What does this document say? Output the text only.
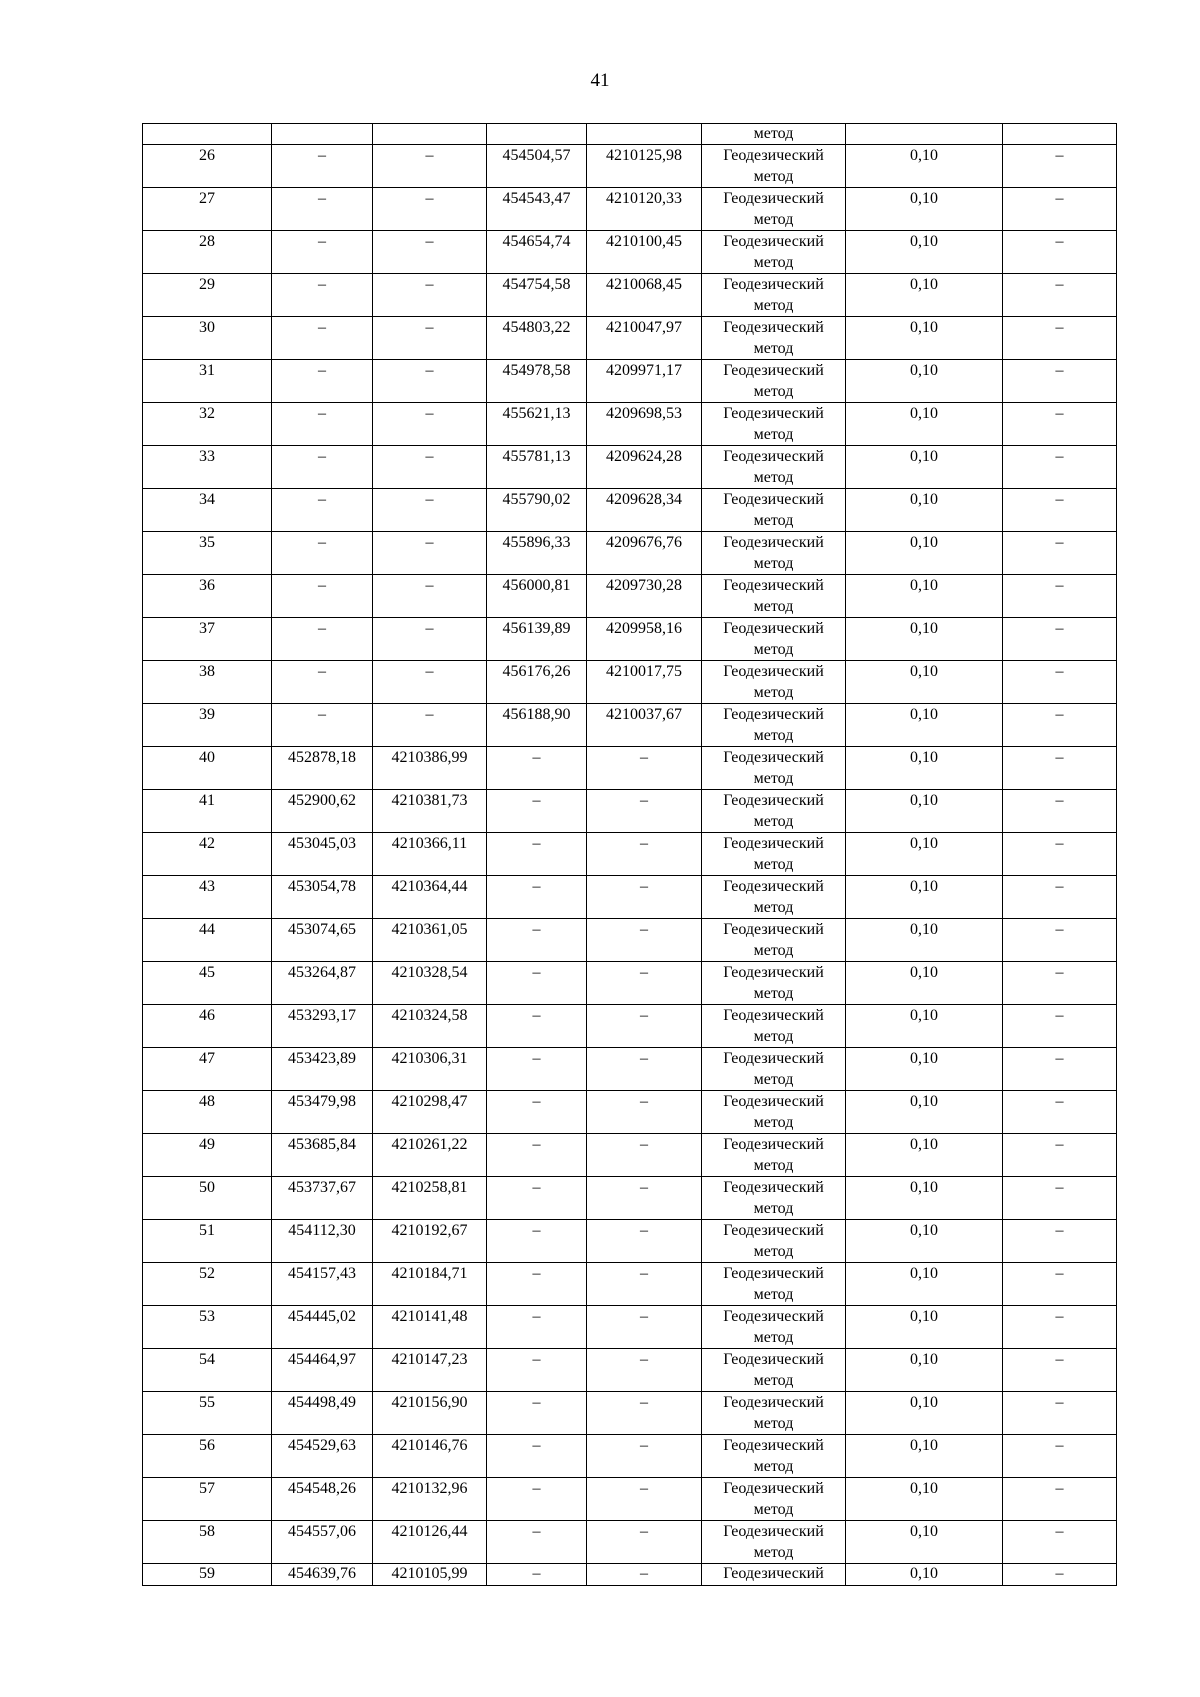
41
					метод		
26	–	–	454504,57	4210125,98	Геодезический
метод	0,10	–
27	–	–	454543,47	4210120,33	Геодезический
метод	0,10	–
28	–	–	454654,74	4210100,45	Геодезический
метод	0,10	–
29	–	–	454754,58	4210068,45	Геодезический
метод	0,10	–
30	–	–	454803,22	4210047,97	Геодезический
метод	0,10	–
31	–	–	454978,58	4209971,17	Геодезический
метод	0,10	–
32	–	–	455621,13	4209698,53	Геодезический
метод	0,10	–
33	–	–	455781,13	4209624,28	Геодезический
метод	0,10	–
34	–	–	455790,02	4209628,34	Геодезический
метод	0,10	–
35	–	–	455896,33	4209676,76	Геодезический
метод	0,10	–
36	–	–	456000,81	4209730,28	Геодезический
метод	0,10	–
37	–	–	456139,89	4209958,16	Геодезический
метод	0,10	–
38	–	–	456176,26	4210017,75	Геодезический
метод	0,10	–
39	–	–	456188,90	4210037,67	Геодезический
метод	0,10	–
40	452878,18	4210386,99	–	–	Геодезический
метод	0,10	–
41	452900,62	4210381,73	–	–	Геодезический
метод	0,10	–
42	453045,03	4210366,11	–	–	Геодезический
метод	0,10	–
43	453054,78	4210364,44	–	–	Геодезический
метод	0,10	–
44	453074,65	4210361,05	–	–	Геодезический
метод	0,10	–
45	453264,87	4210328,54	–	–	Геодезический
метод	0,10	–
46	453293,17	4210324,58	–	–	Геодезический
метод	0,10	–
47	453423,89	4210306,31	–	–	Геодезический
метод	0,10	–
48	453479,98	4210298,47	–	–	Геодезический
метод	0,10	–
49	453685,84	4210261,22	–	–	Геодезический
метод	0,10	–
50	453737,67	4210258,81	–	–	Геодезический
метод	0,10	–
51	454112,30	4210192,67	–	–	Геодезический
метод	0,10	–
52	454157,43	4210184,71	–	–	Геодезический
метод	0,10	–
53	454445,02	4210141,48	–	–	Геодезический
метод	0,10	–
54	454464,97	4210147,23	–	–	Геодезический
метод	0,10	–
55	454498,49	4210156,90	–	–	Геодезический
метод	0,10	–
56	454529,63	4210146,76	–	–	Геодезический
метод	0,10	–
57	454548,26	4210132,96	–	–	Геодезический
метод	0,10	–
58	454557,06	4210126,44	–	–	Геодезический
метод	0,10	–
59	454639,76	4210105,99	–	–	Геодезический	0,10	–
